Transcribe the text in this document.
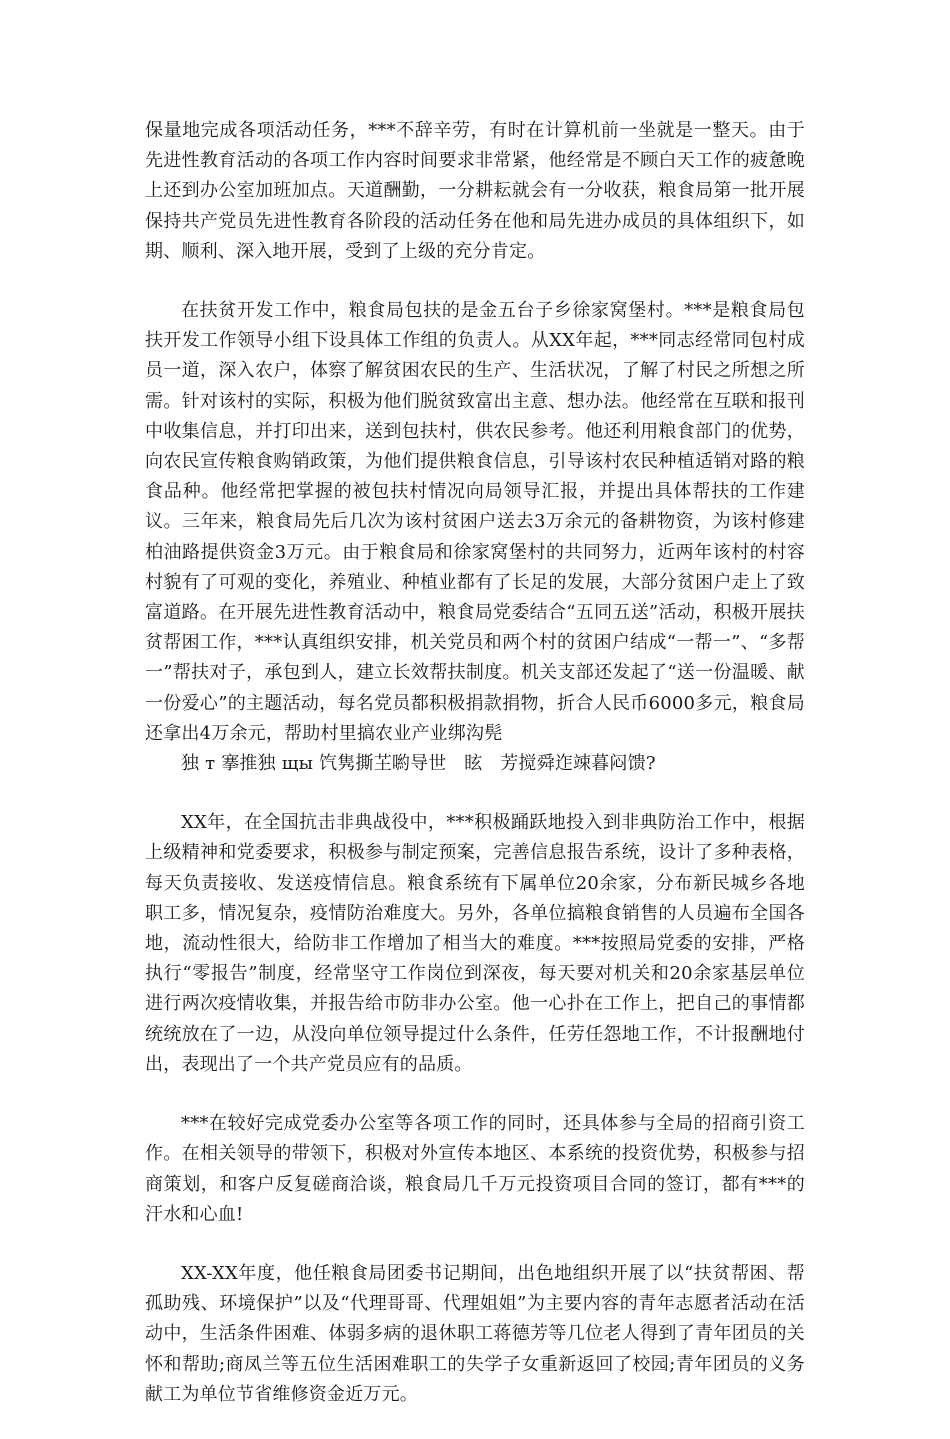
保量地完成各项活动任务，***不辞辛劳，有时在计算机前一坐就是一整天。由于先进性教育活动的各项工作内容时间要求非常紧，他经常是不顾白天工作的疲惫晚上还到办公室加班加点。天道酬勤，一分耕耘就会有一分收获，粮食局第一批开展保持共产党员先进性教育各阶段的活动任务在他和局先进办成员的具体组织下，如期、顺利、深入地开展，受到了上级的充分肯定。

在扶贫开发工作中，粮食局包扶的是金五台子乡徐家窝堡村。***是粮食局包扶开发工作领导小组下设具体工作组的负责人。从XX年起，***同志经常同包村成员一道，深入农户，体察了解贫困农民的生产、生活状况，了解了村民之所想之所需。针对该村的实际，积极为他们脱贫致富出主意、想办法。他经常在互联和报刊中收集信息，并打印出来，送到包扶村，供农民参考。他还利用粮食部门的优势，向农民宣传粮食购销政策，为他们提供粮食信息，引导该村农民种植适销对路的粮食品种。他经常把掌握的被包扶村情况向局领导汇报，并提出具体帮扶的工作建议。三年来，粮食局先后几次为该村贫困户送去3万余元的备耕物资，为该村修建柏油路提供资金3万元。由于粮食局和徐家窝堡村的共同努力，近两年该村的村容村貌有了可观的变化，养殖业、种植业都有了长足的发展，大部分贫困户走上了致富道路。在开展先进性教育活动中，粮食局党委结合“五同五送”活动，积极开展扶贫帮困工作，***认真组织安排，机关党员和两个村的贫困户结成“一帮一”、“多帮一”帮扶对子，承包到人，建立长效帮扶制度。机关支部还发起了“送一份温暖、献一份爱心”的主题活动，每名党员都积极捐款捐物，折合人民币6000多元，粮食局还拿出4万余元，帮助村里搞农业产业绑沟髡
独 т 搴推独 щы 饩隽撕芏喲导世   眩   芳搅舜迮竦暮闷馈?

XX年，在全国抗击非典战役中，***积极踊跃地投入到非典防治工作中，根据上级精神和党委要求，积极参与制定预案，完善信息报告系统，设计了多种表格，每天负责接收、发送疫情信息。粮食系统有下属单位20余家，分布新民城乡各地职工多，情况复杂，疫情防治难度大。另外，各单位搞粮食销售的人员遍布全国各地，流动性很大，给防非工作增加了相当大的难度。***按照局党委的安排，严格执行“零报告”制度，经常坚守工作岗位到深夜，每天要对机关和20余家基层单位进行两次疫情收集，并报告给市防非办公室。他一心扑在工作上，把自己的事情都统统放在了一边，从没向单位领导提过什么条件，任劳任怨地工作，不计报酬地付出，表现出了一个共产党员应有的品质。

***在较好完成党委办公室等各项工作的同时，还具体参与全局的招商引资工作。在相关领导的带领下，积极对外宣传本地区、本系统的投资优势，积极参与招商策划，和客户反复磋商洽谈，粮食局几千万元投资项目合同的签订，都有***的汗水和心血!

XX-XX年度，他任粮食局团委书记期间，出色地组织开展了以“扶贫帮困、帮孤助残、环境保护”以及“代理哥哥、代理姐姐”为主要内容的青年志愿者活动在活动中，生活条件困难、体弱多病的退休职工蒋德芳等几位老人得到了青年团员的关怀和帮助;商凤兰等五位生活困难职工的失学子女重新返回了校园;青年团员的义务献工为单位节省维修资金近万元。
